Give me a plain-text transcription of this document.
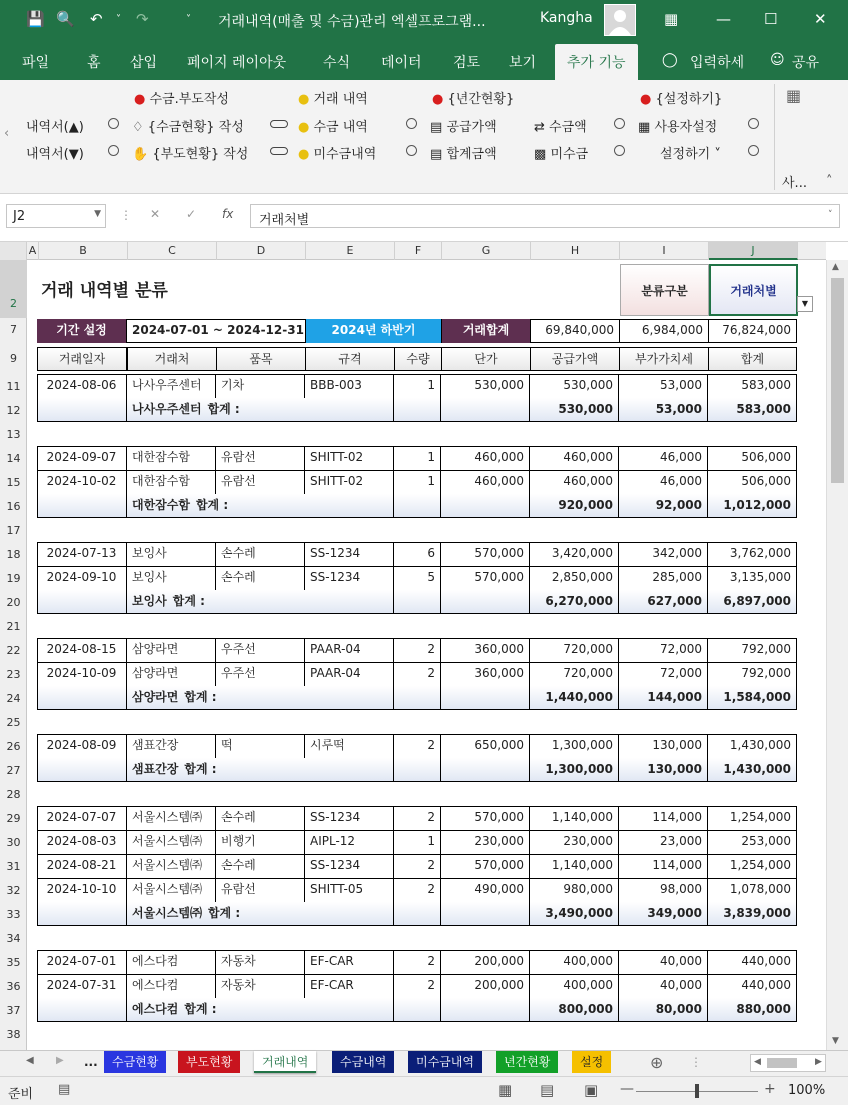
💾 🔍 ↶ ˅ ↷	˅ 거래내역(매출 및 수금)관리 엑셀프로그램...	Kangha	▦	— ☐ ✕
파일	홈 삽입 페이지 레이아웃	수식 데이터 검토 보기	추가 기능	◯ 입력하세 ☺ 공유
‹
● 수금.부도작성	● 거래 내역	● {년간현황}	● {설정하기}
내역서(▲)	♢ {수금현황} 작성	● 수금 내역	▤ 공급가액	⇄ 수금액	▦ 사용자설정
내역서(▼)	✋ {부도현황} 작성	● 미수금내역	▤ 합계금액	▩ 미수금	설정하기 ˅
▦
사... ˄
J2	▼ ⋮ ✕ ✓ fx	거래처별	˅
A	B	C	D	E	F	G	H	I	J
2
7
9
11
12
13
14
15
16
17
18
19
20
21
22
23
24
25
26
27
28
29
30
31
32
33
34
35
36
37
38
거래 내역별 분류	분류구분	거래처별
▼
기간 설정	2024-07-01 ~ 2024-12-31	2024년 하반기	거래합계	69,840,000	6,984,000	76,824,000
거래일자	거래처	품목	규격	수량	단가	공급가액	부가가치세	합계
2024-08-06	나사우주센터	기차	BBB-003	1	530,000	530,000	53,000	583,000
나사우주센터 합계 :	530,000	53,000	583,000
2024-09-07	대한잠수함	유람선	SHITT-02	1	460,000	460,000	46,000	506,000
2024-10-02	대한잠수함	유람선	SHITT-02	1	460,000	460,000	46,000	506,000
대한잠수함 합계 :	920,000	92,000	1,012,000
2024-07-13	보잉사	손수레	SS-1234	6	570,000	3,420,000	342,000	3,762,000
2024-09-10	보잉사	손수레	SS-1234	5	570,000	2,850,000	285,000	3,135,000
보잉사 합계 :	6,270,000	627,000	6,897,000
2024-08-15	삼양라면	우주선	PAAR-04	2	360,000	720,000	72,000	792,000
2024-10-09	삼양라면	우주선	PAAR-04	2	360,000	720,000	72,000	792,000
삼양라면 합계 :	1,440,000	144,000	1,584,000
2024-08-09	샘표간장	떡	시루떡	2	650,000	1,300,000	130,000	1,430,000
샘표간장 합계 :	1,300,000	130,000	1,430,000
2024-07-07	서울시스템㈜	손수레	SS-1234	2	570,000	1,140,000	114,000	1,254,000
2024-08-03	서울시스템㈜	비행기	AIPL-12	1	230,000	230,000	23,000	253,000
2024-08-21	서울시스템㈜	손수레	SS-1234	2	570,000	1,140,000	114,000	1,254,000
2024-10-10	서울시스템㈜	유람선	SHITT-05	2	490,000	980,000	98,000	1,078,000
서울시스템㈜ 합계 :	3,490,000	349,000	3,839,000
2024-07-01	에스다컴	자동차	EF-CAR	2	200,000	400,000	40,000	440,000
2024-07-31	에스다컴	자동차	EF-CAR	2	200,000	400,000	40,000	440,000
에스다컴 합계 :	800,000	80,000	880,000
▲
▼
◀ ▶	...	수금현황	부도현황	거래내역	수금내역	미수금내역	년간현황	설정	⊕ ⋮	◀	▶
준비 ▤	▦ ▤ ▣ —	+ 100%
